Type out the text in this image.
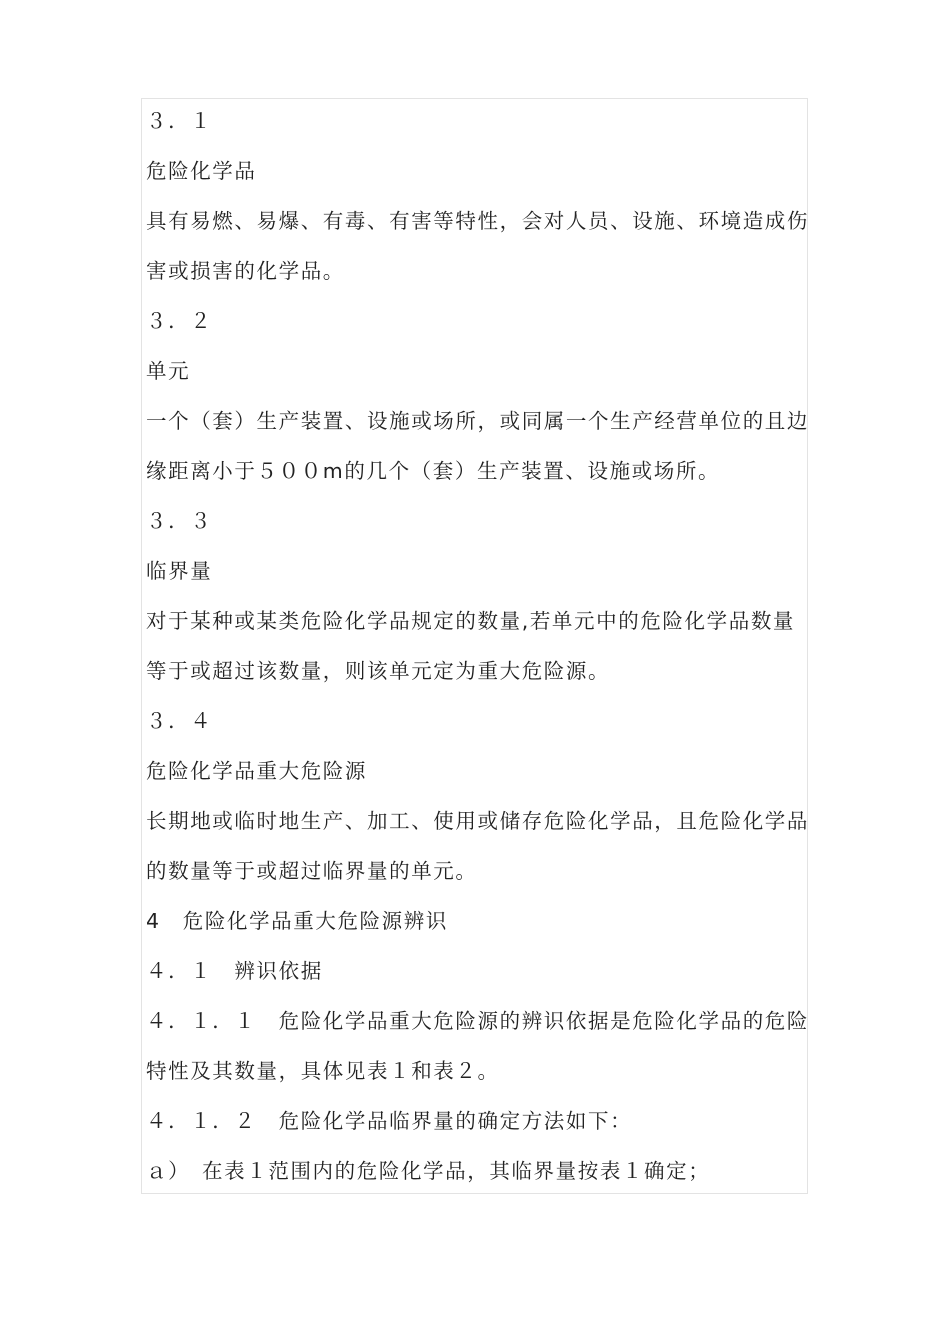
３．１
危险化学品
具有易燃、易爆、有毒、有害等特性，会对人员、设施、环境造成伤
害或损害的化学品。
３．２
单元
一个（套）生产装置、设施或场所，或同属一个生产经营单位的且边
缘距离小于５００m的几个（套）生产装置、设施或场所。
３．３
临界量
对于某种或某类危险化学品规定的数量,若单元中的危险化学品数量
等于或超过该数量，则该单元定为重大危险源。
３．４
危险化学品重大危险源
长期地或临时地生产、加工、使用或储存危险化学品，且危险化学品
的数量等于或超过临界量的单元。
4　危险化学品重大危险源辨识
４．１　辨识依据
４．１．１　危险化学品重大危险源的辨识依据是危险化学品的危险
特性及其数量，具体见表１和表２。
４．１．２　危险化学品临界量的确定方法如下：
ａ）　在表１范围内的危险化学品，其临界量按表１确定；
